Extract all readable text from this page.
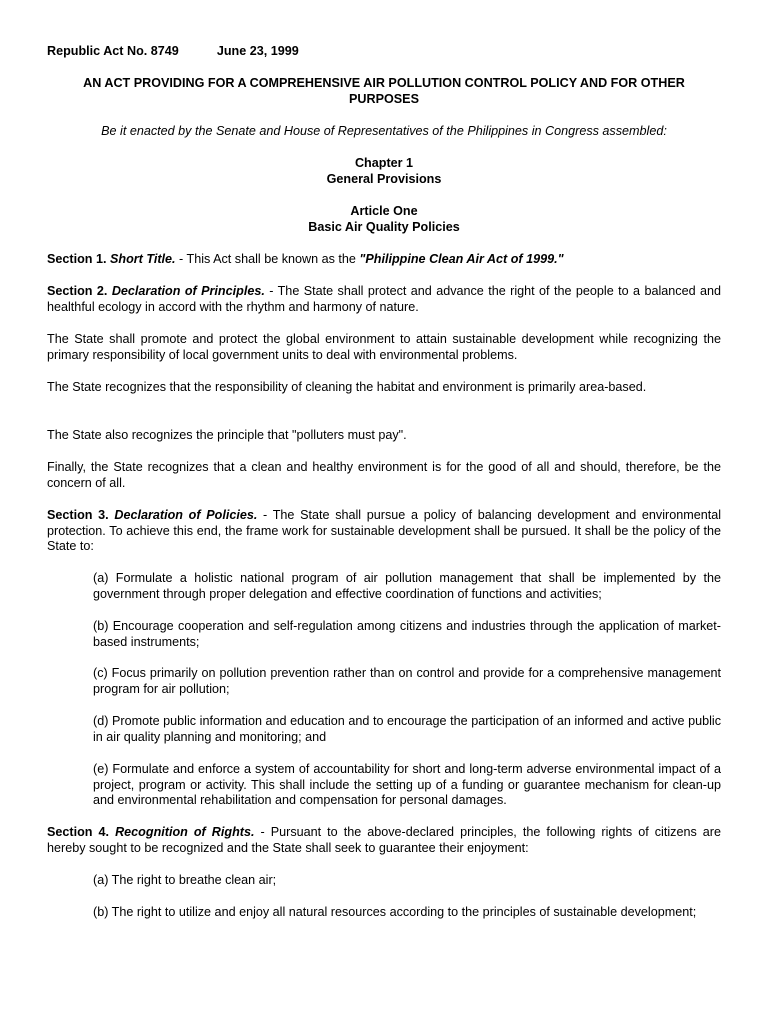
Republic Act No. 8749	June 23, 1999

AN ACT PROVIDING FOR A COMPREHENSIVE AIR POLLUTION CONTROL POLICY AND FOR OTHER PURPOSES

Be it enacted by the Senate and House of Representatives of the Philippines in Congress assembled:

Chapter 1
General Provisions

Article One
Basic Air Quality Policies

Section 1. Short Title. - This Act shall be known as the "Philippine Clean Air Act of 1999."

Section 2. Declaration of Principles. - The State shall protect and advance the right of the people to a balanced and healthful ecology in accord with the rhythm and harmony of nature.

The State shall promote and protect the global environment to attain sustainable development while recognizing the primary responsibility of local government units to deal with environmental problems.

The State recognizes that the responsibility of cleaning the habitat and environment is primarily area-based.

The State also recognizes the principle that "polluters must pay".

Finally, the State recognizes that a clean and healthy environment is for the good of all and should, therefore, be the concern of all.

Section 3. Declaration of Policies. - The State shall pursue a policy of balancing development and environmental protection. To achieve this end, the frame work for sustainable development shall be pursued. It shall be the policy of the State to:

(a) Formulate a holistic national program of air pollution management that shall be implemented by the government through proper delegation and effective coordination of functions and activities;

(b) Encourage cooperation and self-regulation among citizens and industries through the application of market-based instruments;

(c) Focus primarily on pollution prevention rather than on control and provide for a comprehensive management program for air pollution;

(d) Promote public information and education and to encourage the participation of an informed and active public in air quality planning and monitoring; and

(e) Formulate and enforce a system of accountability for short and long-term adverse environmental impact of a project, program or activity. This shall include the setting up of a funding or guarantee mechanism for clean-up and environmental rehabilitation and compensation for personal damages.

Section 4. Recognition of Rights. - Pursuant to the above-declared principles, the following rights of citizens are hereby sought to be recognized and the State shall seek to guarantee their enjoyment:

(a) The right to breathe clean air;

(b) The right to utilize and enjoy all natural resources according to the principles of sustainable development;
